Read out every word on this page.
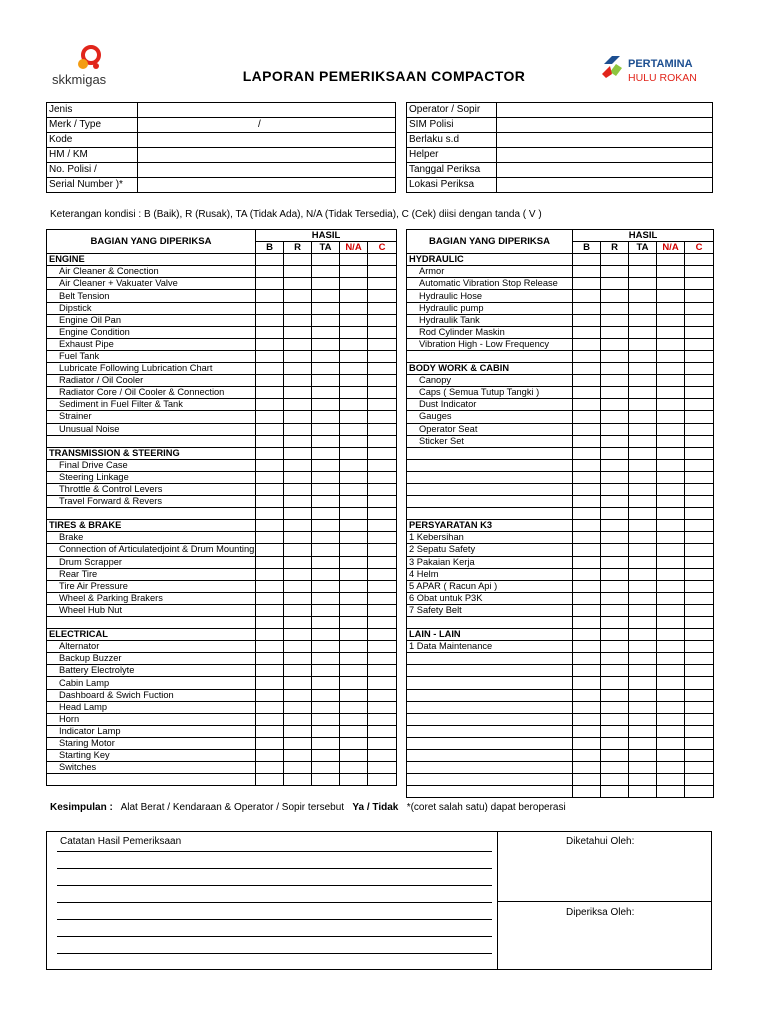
skkmigas
PERTAMINA
HULU ROKAN
LAPORAN PEMERIKSAAN COMPACTOR
Jenis	
Merk / Type	/
Kode	
HM / KM	
No. Polisi /	
Serial Number )*	
Operator / Sopir	
SIM Polisi	
Berlaku s.d	
Helper	
Tanggal Periksa	
Lokasi Periksa	
Keterangan kondisi : B (Baik), R (Rusak), TA (Tidak Ada), N/A (Tidak Tersedia), C (Cek) diisi dengan tanda ( V )
BAGIAN YANG DIPERIKSA	HASIL				
	B	R	TA	N/A	C
ENGINE					
Air Cleaner & Conection					
Air Cleaner + Vakuater Valve					
Belt Tension					
Dipstick					
Engine Oil Pan					
Engine Condition					
Exhaust Pipe					
Fuel Tank					
Lubricate Following Lubrication Chart					
Radiator / Oil Cooler					
Radiator Core / Oil Cooler & Connection					
Sediment in Fuel Filter & Tank					
Strainer					
Unusual Noise					

TRANSMISSION & STEERING					
Final Drive Case					
Steering Linkage					
Throttle & Control Levers					
Travel Forward & Revers					

TIRES & BRAKE					
Brake					
Connection of Articulatedjoint & Drum Mounting					
Drum Scrapper					
Rear Tire					
Tire Air Pressure					
Wheel & Parking Brakers					
Wheel Hub Nut					

ELECTRICAL					
Alternator					
Backup Buzzer					
Battery Electrolyte					
Cabin Lamp					
Dashboard & Swich Fuction					
Head Lamp					
Horn					
Indicator Lamp					
Staring Motor					
Starting Key					
Switches					

BAGIAN YANG DIPERIKSA	HASIL				
	B	R	TA	N/A	C
HYDRAULIC					
Armor					
Automatic Vibration Stop Release					
Hydraulic Hose					
Hydraulic pump					
Hydraulik Tank					
Rod Cylinder Maskin					
Vibration High - Low Frequency					

BODY WORK & CABIN					
Canopy					
Caps ( Semua Tutup Tangki )					
Dust Indicator					
Gauges					
Operator Seat					
Sticker Set					

PERSYARATAN K3					
1 Kebersihan					
2 Sepatu Safety					
3 Pakaian Kerja					
4 Helm					
5 APAR ( Racun Api )					
6 Obat untuk P3K					
7 Safety Belt					

LAIN - LAIN					
1 Data Maintenance					

Kesimpulan : Alat Berat / Kendaraan & Operator / Sopir tersebut Ya / Tidak *(coret salah satu) dapat beroperasi
Catatan Hasil Pemeriksaan	Diketahui Oleh:
Diperiksa Oleh:
